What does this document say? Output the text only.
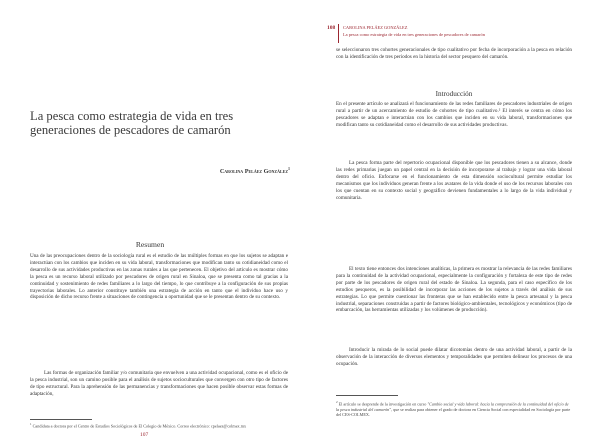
La pesca como estrategia de vida en tres generaciones de pescadores de camarón
Carolina Peláez González$^1$
Resumen

Una de las preocupaciones dentro de la sociología rural es el estudio de las múltiples formas en que los sujetos se adaptan e interactúan con los cambios que inciden en su vida laboral, transformaciones que modifican tanto su cotidianeidad como el desarrollo de sus actividades productivas en las zonas rurales a las que pertenecen. El objetivo del artículo es mostrar cómo la pesca es un recurso laboral utilizado por pescadores de origen rural en Sinaloa, que se presenta como tal gracias a la continuidad y sostenimiento de redes familiares a lo largo del tiempo, lo que contribuye a la configuración de sus propias trayectorias laborales. Lo anterior constituye también una estrategia de acción en tanto que el individuo hace uso y disposición de dicho recurso frente a situaciones de contingencia u oportunidad que se le presentan dentro de su contexto.

Las formas de organización familiar y/o comunitaria que envuelven a una actividad ocupacional, como es el oficio de la pesca industrial, son un camino posible para el análisis de sujetos socioculturales que convergen con otro tipo de factores de tipo estructural. Para la aprehensión de las permanencias y transformaciones que hacen posible observar estas formas de adaptación,

$^1$ Candidata a doctora por el Centro de Estudios Sociológicos de El Colegio de México. Correo electrónico: cpelaez@colmex.mx
107
108 CAROLINA PELÁEZ GONZÁLEZ
La pesca como estrategia de vida en tres generaciones de pescadores de camarón

se seleccionaron tres cohortes generacionales de tipo cualitativo por fecha de incorporación a la pesca en relación con la identificación de tres periodos en la historia del sector pesquero del camarón.

Introducción

En el presente artículo se analizará el funcionamiento de las redes familiares de pescadores industriales de origen rural a partir de un acercamiento de estudio de cohortes de tipo cualitativo.² El interés se centra en cómo los pescadores se adaptan e interactúan con los cambios que inciden en su vida laboral, transformaciones que modifican tanto su cotidianeidad como el desarrollo de sus actividades productivas.

La pesca forma parte del repertorio ocupacional disponible que los pescadores tienen a su alcance, donde las redes primarias juegan un papel central en la decisión de incorporarse al trabajo y lograr una vida laboral dentro del oficio. Enfocarse en el funcionamiento de esta dimensión sociocultural permite estudiar los mecanismos que los individuos generan frente a los avatares de la vida donde el uso de los recursos laborales con los que cuentan en su contexto social y geográfico devienen fundamentales a lo largo de la vida individual y comunitaria.

El texto tiene entonces dos intenciones analíticas, la primera es mostrar la relevancia de las redes familiares para la continuidad de la actividad ocupacional, especialmente la configuración y fortaleza de este tipo de redes por parte de los pescadores de origen rural del estado de Sinaloa. La segunda, para el caso específico de los estudios pesqueros, es la posibilidad de incorporar las acciones de los sujetos a través del análisis de sus estrategias. Lo que permite cuestionar las fronteras que se han establecido entre la pesca artesanal y la pesca industrial, separaciones construidas a partir de factores biológico-ambientales, tecnológicos y económicos (tipo de embarcación, las herramientas utilizadas y los volúmenes de producción).

Introducir la mirada de lo social puede dilatar dicotomías dentro de una actividad laboral, a partir de la observación de la interacción de diversos elementos y temporalidades que permiten delinear los procesos de una ocupación.

$^2$ El artículo se desprende de la investigación en curso "Cambio social y vida laboral: hacia la comprensión de la continuidad del oficio de la pesca industrial del camarón", que se realiza para obtener el grado de doctora en Ciencia Social con especialidad en Sociología por parte del CES-COLMEX.
